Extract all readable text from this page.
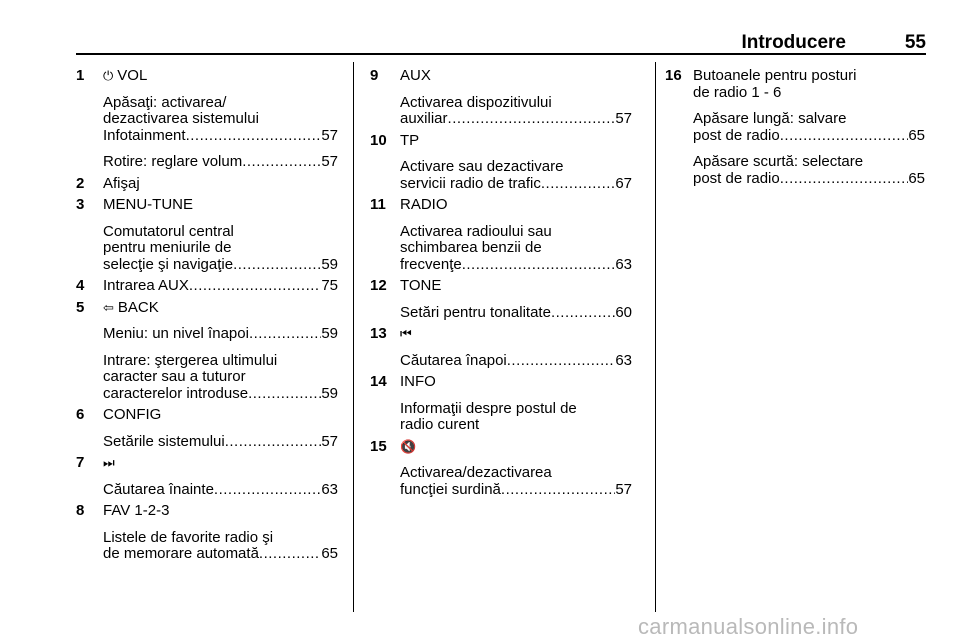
Introducere	55
1 ⏻ VOL
Apăsaţi: activarea/
dezactivarea sistemului
Infotainment .....	57
Rotire: reglare volum .....	57
2 Afişaj
3 MENU-TUNE
Comutatorul central
pentru meniurile de
selecţie şi navigaţie .....	59
4 Intrarea AUX .....	75
5 ⇦ BACK
Meniu: un nivel înapoi .....	59
Intrare: ştergerea ultimului
caracter sau a tuturor
caracterelor introduse .....	59
6 CONFIG
Setările sistemului .....	57
7 ⏭
Căutarea înainte .....	63
8 FAV 1-2-3
Listele de favorite radio şi
de memorare automată .....	65
9 AUX
Activarea dispozitivului
auxiliar .....	57
10 TP
Activare sau dezactivare
servicii radio de trafic .....	67
11 RADIO
Activarea radioului sau
schimbarea benzii de
frecvenţe .....	63
12 TONE
Setări pentru tonalitate .....	60
13 ⏮
Căutarea înapoi .....	63
14 INFO
Informaţii despre postul de
radio curent
15 🔇
Activarea/dezactivarea
funcţiei surdină .....	57
16 Butoanele pentru posturi
de radio 1 - 6
Apăsare lungă: salvare
post de radio .....	65
Apăsare scurtă: selectare
post de radio .....	65
carmanualsonline.info
